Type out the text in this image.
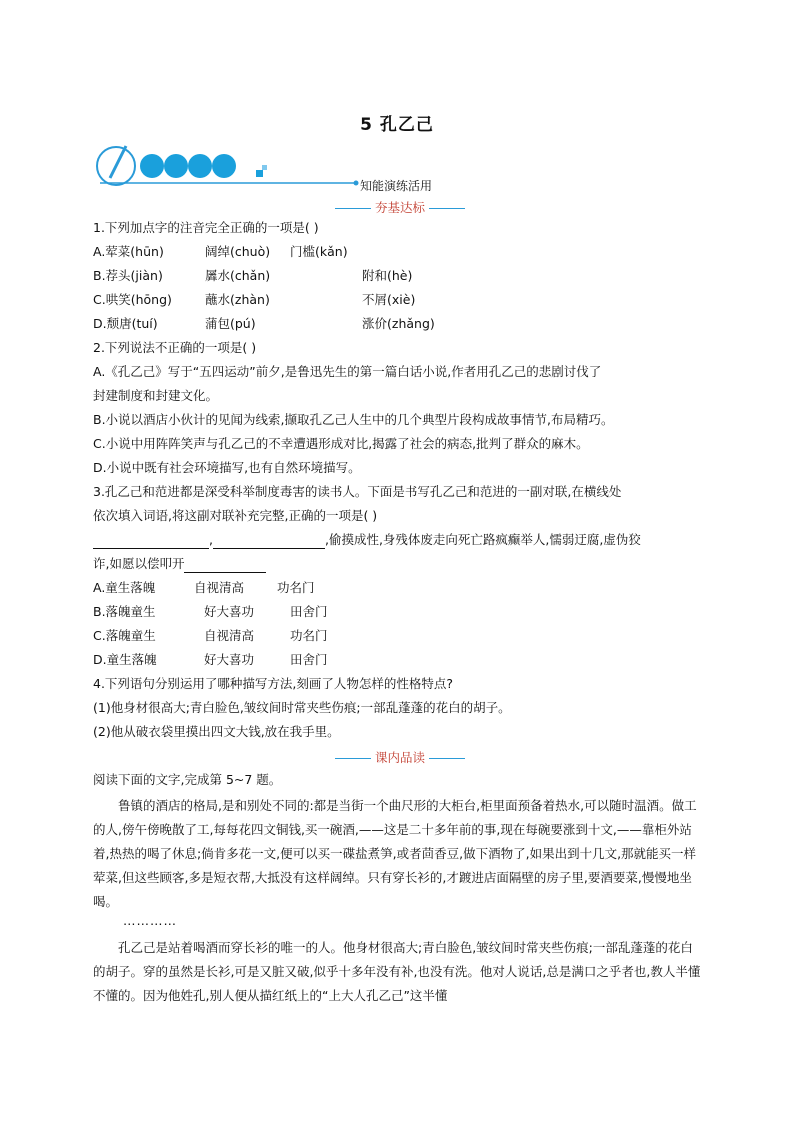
5 孔乙己
知能演练活用
夯基达标
1.下列加点字的注音完全正确的一项是( )
A.荤菜(hūn)	阔绰(chuò) 门槛(kǎn)
B.荐头(jiàn)	羼水(chǎn)	附和(hè)
C.哄笑(hōng)	蘸水(zhàn)	不屑(xiè)
D.颓唐(tuí)	蒲包(pú)	涨价(zhǎng)
2.下列说法不正确的一项是( )
A.《孔乙己》写于“五四运动”前夕,是鲁迅先生的第一篇白话小说,作者用孔乙己的悲剧讨伐了
封建制度和封建文化。
B.小说以酒店小伙计的见闻为线索,撷取孔乙己人生中的几个典型片段构成故事情节,布局精巧。
C.小说中用阵阵笑声与孔乙己的不幸遭遇形成对比,揭露了社会的病态,批判了群众的麻木。
D.小说中既有社会环境描写,也有自然环境描写。
3.孔乙己和范进都是深受科举制度毒害的读书人。下面是书写孔乙己和范进的一副对联,在横线处
依次填入词语,将这副对联补充完整,正确的一项是( )
,	,偷摸成性,身残体废走向死亡路疯癫举人,懦弱迂腐,虚伪狡
诈,如愿以偿叩开
A.童生落魄	自视清高	功名门
B.落魄童生	好大喜功	田舍门
C.落魄童生	自视清高	功名门
D.童生落魄	好大喜功	田舍门
4.下列语句分别运用了哪种描写方法,刻画了人物怎样的性格特点?
(1)他身材很高大;青白脸色,皱纹间时常夹些伤痕;一部乱蓬蓬的花白的胡子。
(2)他从破衣袋里摸出四文大钱,放在我手里。
课内品读
阅读下面的文字,完成第 5~7 题。
鲁镇的酒店的格局,是和别处不同的:都是当街一个曲尺形的大柜台,柜里面预备着热水,可以随时温酒。做工的人,傍午傍晚散了工,每每花四文铜钱,买一碗酒,——这是二十多年前的事,现在每碗要涨到十文,——靠柜外站着,热热的喝了休息;倘肯多花一文,便可以买一碟盐煮笋,或者茴香豆,做下酒物了,如果出到十几文,那就能买一样荤菜,但这些顾客,多是短衣帮,大抵没有这样阔绰。只有穿长衫的,才踱进店面隔壁的房子里,要酒要菜,慢慢地坐喝。
…………
孔乙己是站着喝酒而穿长衫的唯一的人。他身材很高大;青白脸色,皱纹间时常夹些伤痕;一部乱蓬蓬的花白的胡子。穿的虽然是长衫,可是又脏又破,似乎十多年没有补,也没有洗。他对人说话,总是满口之乎者也,教人半懂不懂的。因为他姓孔,别人便从描红纸上的“上大人孔乙己”这半懂
